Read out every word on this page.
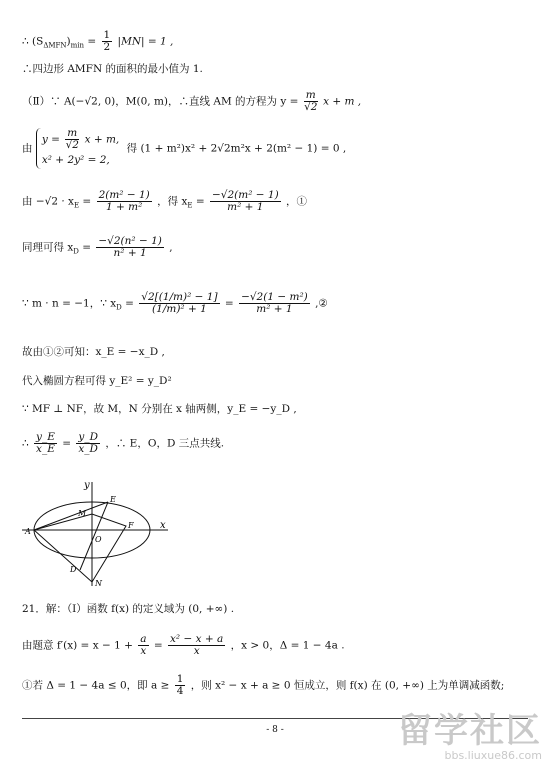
∴ $(S_{\Delta MFN})_{min} = \frac{1}{2} |MN| = 1$ ,
∴四边形 AMFN 的面积的最小值为 1.
（Ⅱ）∵ A(−√2, 0)，M(0, m)，∴直线 AM 的方程为 $y = \frac{m}{√2}$ x + m ,
由
$y = \frac{m}{√2}$ x + m,
x² + 2y² = 2,
得 (1 + m²)x² + 2√2m²x + 2(m² − 1) = 0 ,
由 $-√2 \cdot x_E = \frac{\text{2(m² − 1)}}{\text{1 + m²}}$ ，得 $x_E = \frac{\text{−√2(m² − 1)}}{\text{m² + 1}}$ ，①
同理可得 $x_D = \frac{\text{−√2(n² − 1)}}{\text{n² + 1}}$ ,
∵ m · n = −1，∵ $x_D = \frac{\text{√2[(1/m)² − 1]}}{\text{(1/m)² + 1}} = \frac{\text{−√2(1 − m²)}}{\text{m² + 1}}$ ,②
故由①②可知：x_E = −x_D ,
代入椭圆方程可得 y_E² = y_D²
∵ MF ⊥ NF，故 M，N 分别在 x 轴两侧，y_E = −y_D ,
∴ $\frac{y\_E}{x\_E} = \frac{y\_D}{x\_D}$ ，∴ E，O，D 三点共线.
y
x
A
M
E
F
O
D
N
21．解：（Ⅰ）函数 f(x) 的定义域为 (0, +∞) .
由题意 $f'(x) = x - 1 + \frac{a}{x} = \frac{\text{x² − x + a}}{x}$ ，x > 0，Δ = 1 − 4a .
①若 Δ = 1 − 4a ≤ 0，即 $a \ge \frac{1}{4}$ ，则 x² − x + a ≥ 0 恒成立，则 f(x) 在 (0, +∞) 上为单调减函数;
- 8 -	留学社区
bbs.liuxue86.com
